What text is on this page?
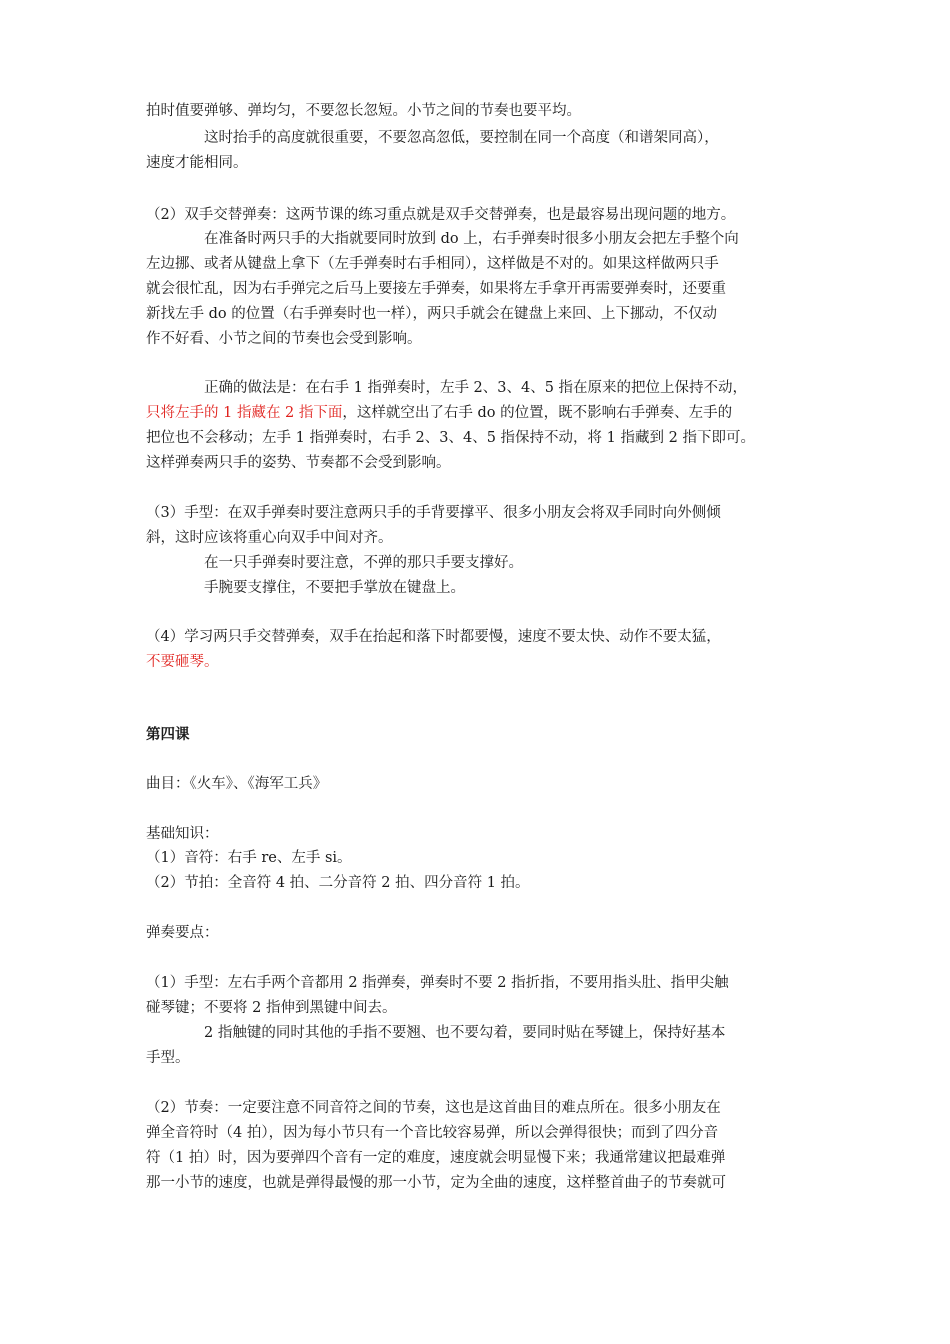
拍时值要弹够、弹均匀，不要忽长忽短。小节之间的节奏也要平均。
这时抬手的高度就很重要，不要忽高忽低，要控制在同一个高度（和谱架同高），
速度才能相同。
（2）双手交替弹奏：这两节课的练习重点就是双手交替弹奏，也是最容易出现问题的地方。
在准备时两只手的大指就要同时放到 do 上，右手弹奏时很多小朋友会把左手整个向
左边挪、或者从键盘上拿下（左手弹奏时右手相同），这样做是不对的。如果这样做两只手
就会很忙乱，因为右手弹完之后马上要接左手弹奏，如果将左手拿开再需要弹奏时，还要重
新找左手 do 的位置（右手弹奏时也一样），两只手就会在键盘上来回、上下挪动，不仅动
作不好看、小节之间的节奏也会受到影响。
正确的做法是：在右手 1 指弹奏时，左手 2、3、4、5 指在原来的把位上保持不动，
只将左手的 1 指藏在 2 指下面，这样就空出了右手 do 的位置，既不影响右手弹奏、左手的
把位也不会移动；左手 1 指弹奏时，右手 2、3、4、5 指保持不动，将 1 指藏到 2 指下即可。
这样弹奏两只手的姿势、节奏都不会受到影响。
（3）手型：在双手弹奏时要注意两只手的手背要撑平、很多小朋友会将双手同时向外侧倾
斜，这时应该将重心向双手中间对齐。
在一只手弹奏时要注意，不弹的那只手要支撑好。
手腕要支撑住，不要把手掌放在键盘上。
（4）学习两只手交替弹奏，双手在抬起和落下时都要慢，速度不要太快、动作不要太猛，
不要砸琴。
第四课
曲目：《火车》、《海军工兵》
基础知识：
（1）音符：右手 re、左手 si。
（2）节拍：全音符 4 拍、二分音符 2 拍、四分音符 1 拍。
弹奏要点：
（1）手型：左右手两个音都用 2 指弹奏，弹奏时不要 2 指折指，不要用指头肚、指甲尖触
碰琴键；不要将 2 指伸到黑键中间去。
2 指触键的同时其他的手指不要翘、也不要勾着，要同时贴在琴键上，保持好基本
手型。
（2）节奏：一定要注意不同音符之间的节奏，这也是这首曲目的难点所在。很多小朋友在
弹全音符时（4 拍），因为每小节只有一个音比较容易弹，所以会弹得很快；而到了四分音
符（1 拍）时，因为要弹四个音有一定的难度，速度就会明显慢下来；我通常建议把最难弹
那一小节的速度，也就是弹得最慢的那一小节，定为全曲的速度，这样整首曲子的节奏就可
